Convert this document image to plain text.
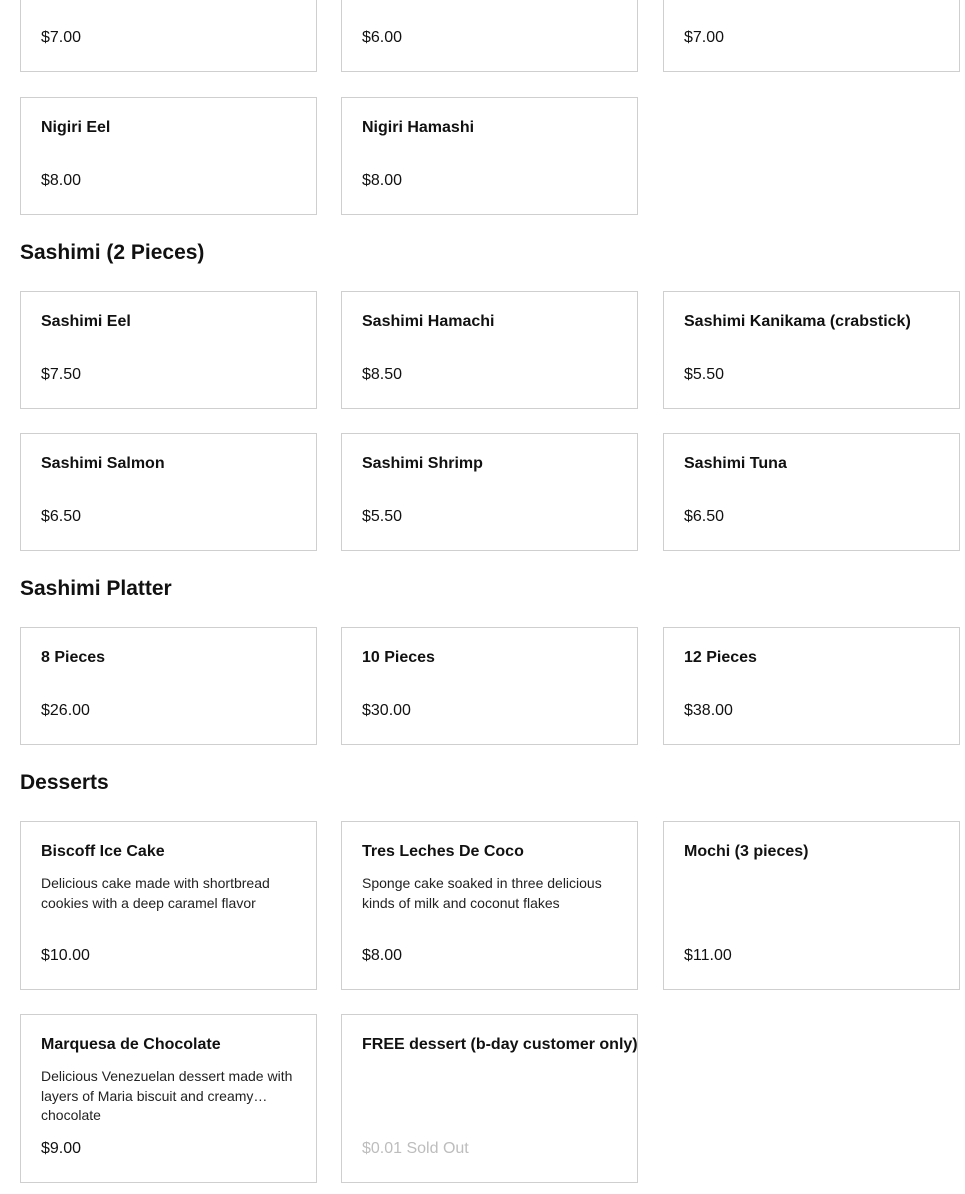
$7.00	$6.00	$7.00
Nigiri Eel
$8.00
Nigiri Hamashi
$8.00
Sashimi (2 Pieces)
Sashimi Eel
$7.50
Sashimi Hamachi
$8.50
Sashimi Kanikama (crabstick)
$5.50
Sashimi Salmon
$6.50
Sashimi Shrimp
$5.50
Sashimi Tuna
$6.50
Sashimi Platter
8 Pieces
$26.00
10 Pieces
$30.00
12 Pieces
$38.00
Desserts
Biscoff Ice Cake
Delicious cake made with shortbread cookies with a deep caramel flavor
$10.00
Tres Leches De Coco
Sponge cake soaked in three delicious kinds of milk and coconut flakes
$8.00
Mochi (3 pieces)
$11.00
Marquesa de Chocolate
Delicious Venezuelan dessert made with layers of Maria biscuit and creamy chocolate
$9.00
FREE dessert (b-day customer only)
$0.01 Sold Out
